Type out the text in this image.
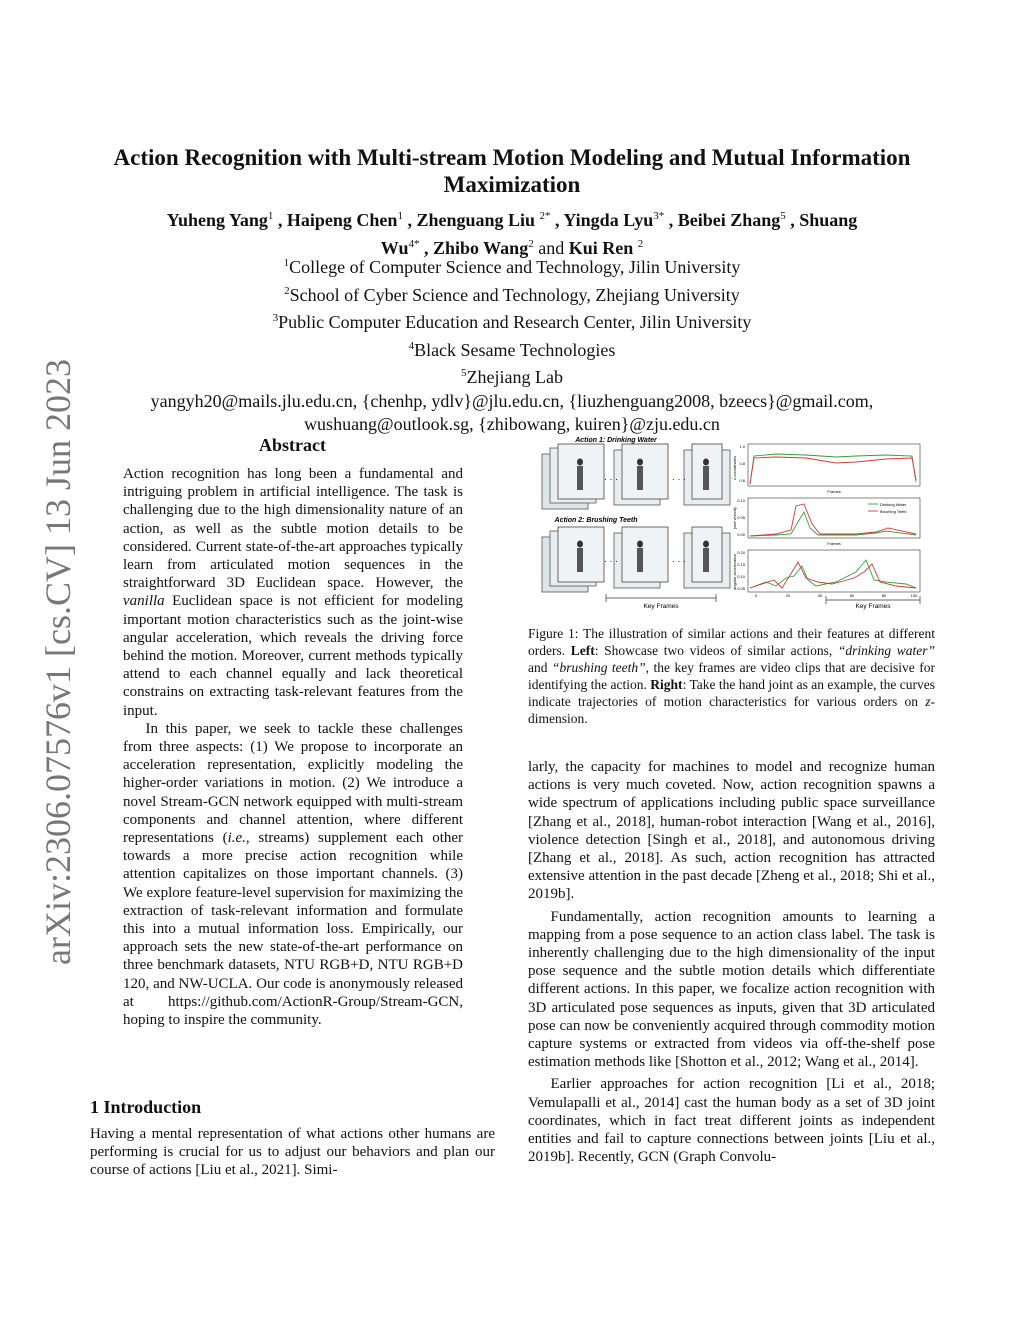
arXiv:2306.07576v1 [cs.CV] 13 Jun 2023
Action Recognition with Multi-stream Motion Modeling and Mutual Information
Maximization
Yuheng Yang$^1$ , Haipeng Chen$^1$ , Zhenguang Liu $^{2*}$ , Yingda Lyu$^{3*}$ , Beibei Zhang$^5$ , Shuang
$Wu^{4*}$ , Zhibo Wang$^2$ and Kui Ren $^2$
$^1$College of Computer Science and Technology, Jilin University
$^2$School of Cyber Science and Technology, Zhejiang University
$^3$Public Computer Education and Research Center, Jilin University
$^4$Black Sesame Technologies
$^5$Zhejiang Lab
yangyh20@mails.jlu.edu.cn, {chenhp, ydlv}@jlu.edu.cn, {liuzhenguang2008, bzeecs}@gmail.com,
wushuang@outlook.sg, {zhibowang, kuiren}@zju.edu.cn
Abstract

Action recognition has long been a fundamental and intriguing problem in artificial intelligence. The task is challenging due to the high dimensionality nature of an action, as well as the subtle motion details to be considered. Current state-of-the-art approaches typically learn from articulated motion sequences in the straightforward 3D Euclidean space. However, the vanilla Euclidean space is not efficient for modeling important motion characteristics such as the joint-wise angular acceleration, which reveals the driving force behind the motion. Moreover, current methods typically attend to each channel equally and lack theoretical constrains on extracting task-relevant features from the input.

In this paper, we seek to tackle these challenges from three aspects: (1) We propose to incorporate an acceleration representation, explicitly modeling the higher-order variations in motion. (2) We introduce a novel Stream-GCN network equipped with multi-stream components and channel attention, where different representations (i.e., streams) supplement each other towards a more precise action recognition while attention capitalizes on those important channels. (3) We explore feature-level supervision for maximizing the extraction of task-relevant information and formulate this into a mutual information loss. Empirically, our approach sets the new state-of-the-art performance on three benchmark datasets, NTU RGB+D, NTU RGB+D 120, and NW-UCLA. Our code is anonymously released at https://github.com/ActionR-Group/Stream-GCN, hoping to inspire the community.

1 Introduction

Having a mental representation of what actions other humans are performing is crucial for us to adjust our behaviors and plan our course of actions [Liu et al., 2021]. Simi-

Action 1: Drinking Water
· · ·	· · ·
Action 2: Brushing Teeth
· · ·	· · ·
Key Frames
z-coordinates
1.0
0.8
0.6
Frames
joint velocity
0.10
0.05
0.00
Drinking Water
Brushing Teeth
Frames
angular acceleration
0.20
0.15
0.10
0.05
0	20	40	60	80	100
Key Frames
Figure 1: The illustration of similar actions and their features at different orders. Left: Showcase two videos of similar actions, “drinking water” and “brushing teeth”, the key frames are video clips that are decisive for identifying the action. Right: Take the hand joint as an example, the curves indicate trajectories of motion characteristics for various orders on z-dimension.

larly, the capacity for machines to model and recognize human actions is very much coveted. Now, action recognition spawns a wide spectrum of applications including public space surveillance [Zhang et al., 2018], human-robot interaction [Wang et al., 2016], violence detection [Singh et al., 2018], and autonomous driving [Zhang et al., 2018]. As such, action recognition has attracted extensive attention in the past decade [Zheng et al., 2018; Shi et al., 2019b].

Fundamentally, action recognition amounts to learning a mapping from a pose sequence to an action class label. The task is inherently challenging due to the high dimensionality of the input pose sequence and the subtle motion details which differentiate different actions. In this paper, we focalize action recognition with 3D articulated pose sequences as inputs, given that 3D articulated pose can now be conveniently acquired through commodity motion capture systems or extracted from videos via off-the-shelf pose estimation methods like [Shotton et al., 2012; Wang et al., 2014].

Earlier approaches for action recognition [Li et al., 2018; Vemulapalli et al., 2014] cast the human body as a set of 3D joint coordinates, which in fact treat different joints as independent entities and fail to capture connections between joints [Liu et al., 2019b]. Recently, GCN (Graph Convolu-
